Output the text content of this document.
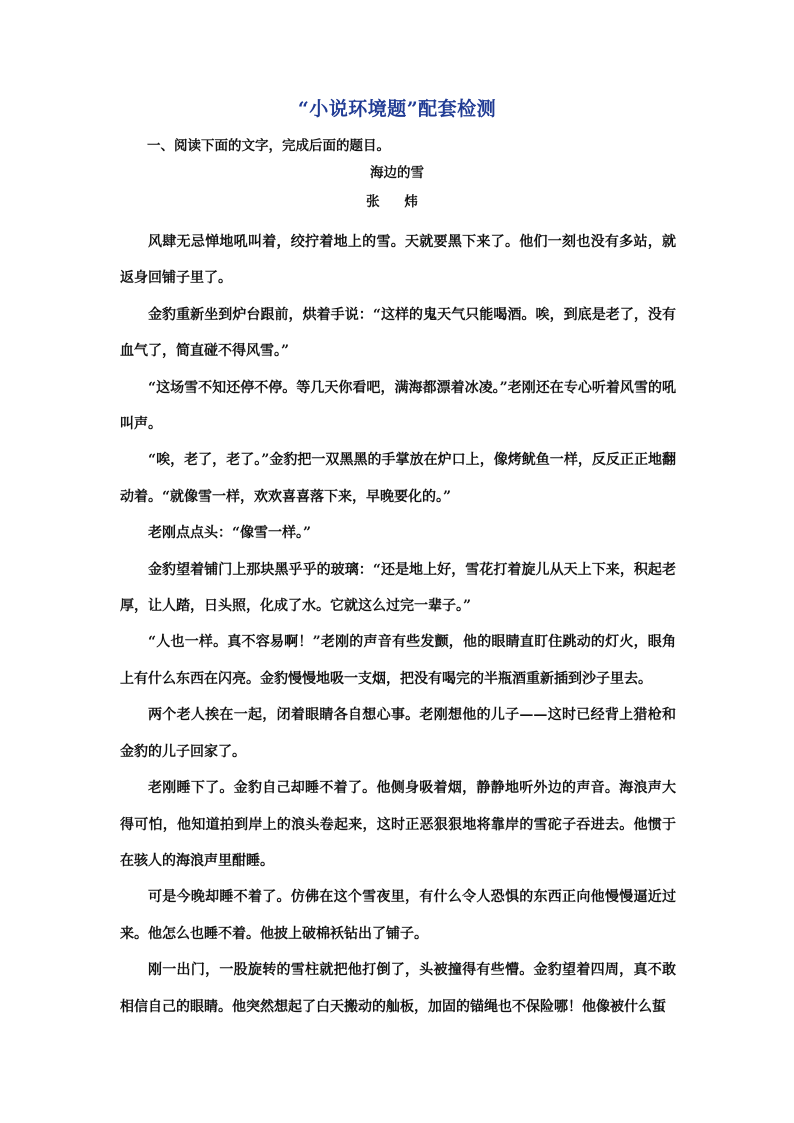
“小说环境题”配套检测
一、阅读下面的文字，完成后面的题目。
海边的雪
张 炜

风肆无忌惮地吼叫着，绞拧着地上的雪。天就要黑下来了。他们一刻也没有多站，就返身回铺子里了。

金豹重新坐到炉台跟前，烘着手说：“这样的鬼天气只能喝酒。唉，到底是老了，没有血气了，简直碰不得风雪。”

“这场雪不知还停不停。等几天你看吧，满海都漂着冰凌。”老刚还在专心听着风雪的吼叫声。

“唉，老了，老了。”金豹把一双黑黑的手掌放在炉口上，像烤鱿鱼一样，反反正正地翻动着。“就像雪一样，欢欢喜喜落下来，早晚要化的。”

老刚点点头：“像雪一样。”

金豹望着铺门上那块黑乎乎的玻璃：“还是地上好，雪花打着旋儿从天上下来，积起老厚，让人踏，日头照，化成了水。它就这么过完一辈子。”

“人也一样。真不容易啊！”老刚的声音有些发颤，他的眼睛直盯住跳动的灯火，眼角上有什么东西在闪亮。金豹慢慢地吸一支烟，把没有喝完的半瓶酒重新插到沙子里去。

两个老人挨在一起，闭着眼睛各自想心事。老刚想他的儿子——这时已经背上猎枪和金豹的儿子回家了。

老刚睡下了。金豹自己却睡不着了。他侧身吸着烟，静静地听外边的声音。海浪声大得可怕，他知道拍到岸上的浪头卷起来，这时正恶狠狠地将靠岸的雪砣子吞进去。他惯于在骇人的海浪声里酣睡。

可是今晚却睡不着了。仿佛在这个雪夜里，有什么令人恐惧的东西正向他慢慢逼近过来。他怎么也睡不着。他披上破棉袄钻出了铺子。

刚一出门，一股旋转的雪柱就把他打倒了，头被撞得有些懵。金豹望着四周，真不敢相信自己的眼睛。他突然想起了白天搬动的舢板，加固的锚绳也不保险哪！他像被什么蜇
